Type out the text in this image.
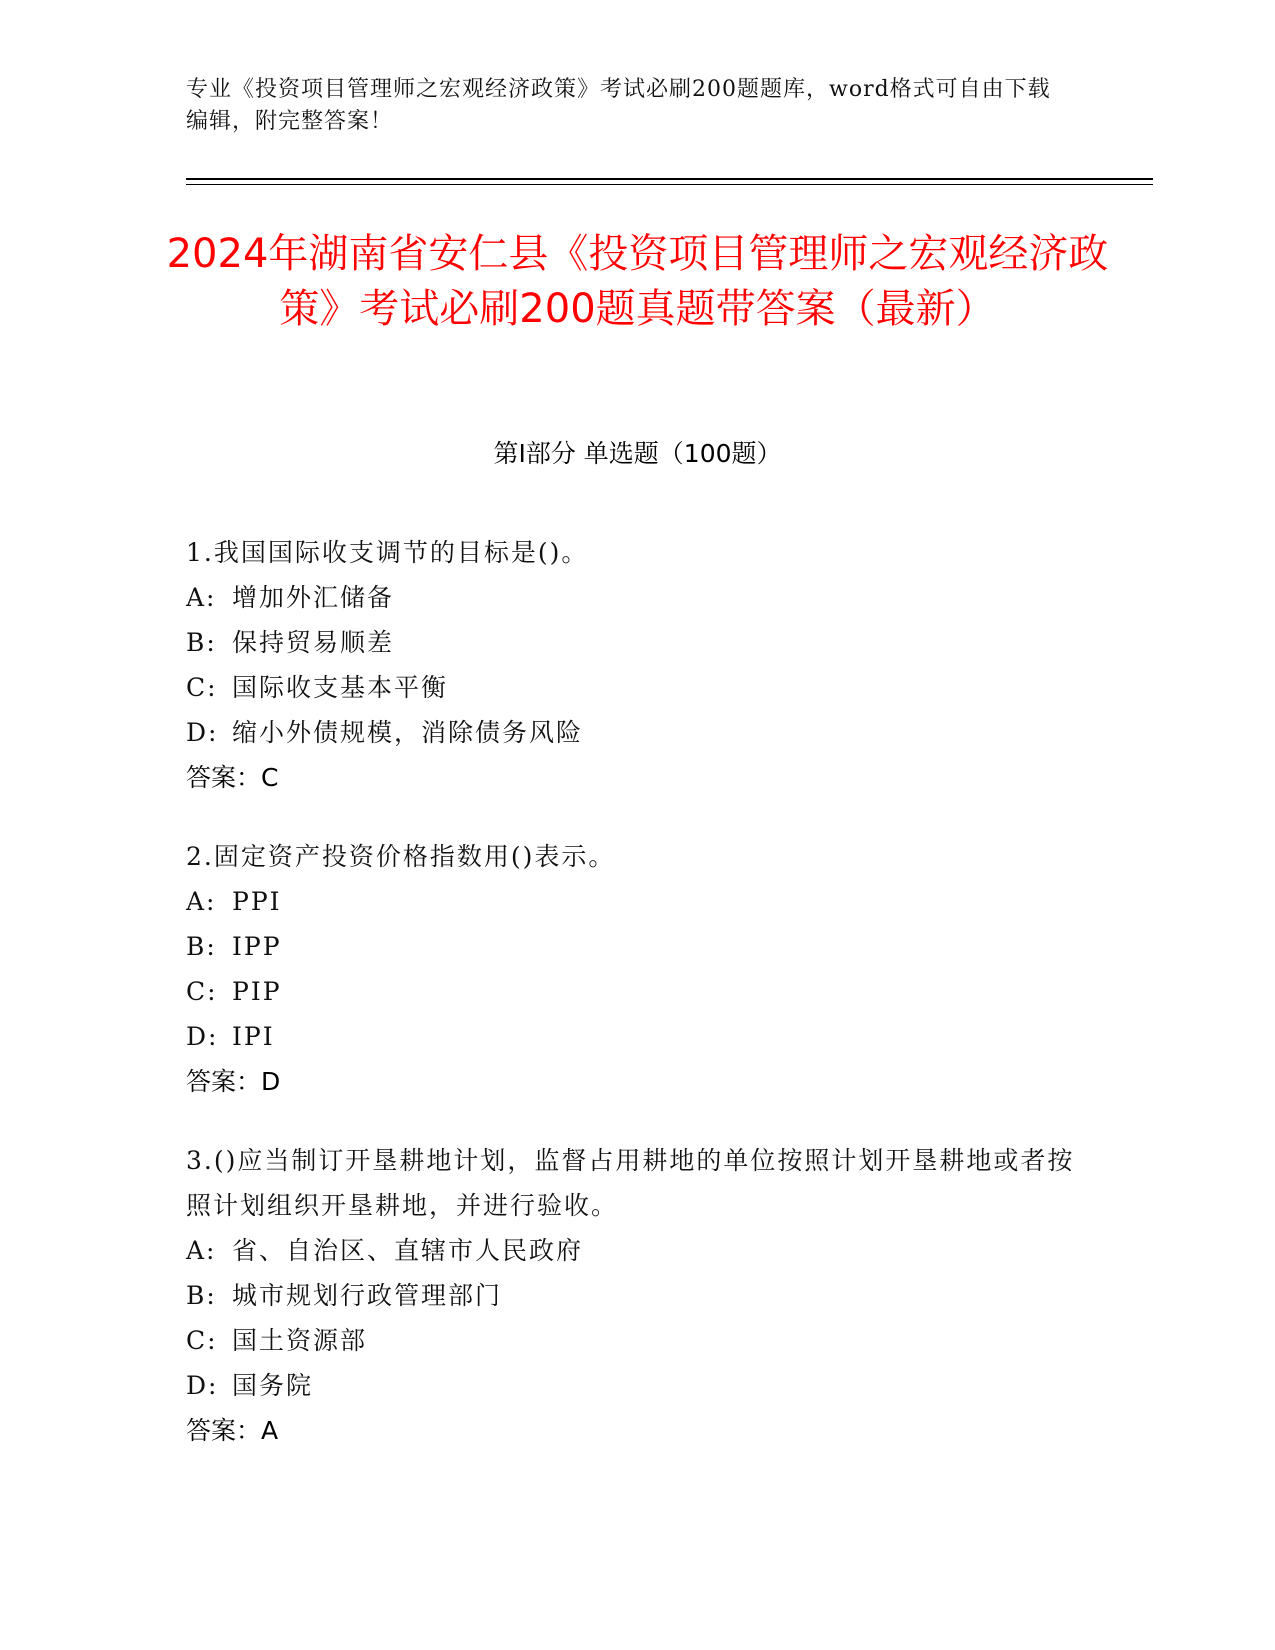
专业《投资项目管理师之宏观经济政策》考试必刷200题题库，word格式可自由下载编辑，附完整答案！
2024年湖南省安仁县《投资项目管理师之宏观经济政策》考试必刷200题真题带答案（最新）
第I部分 单选题（100题）
1.我国国际收支调节的目标是()。
A: 增加外汇储备
B: 保持贸易顺差
C: 国际收支基本平衡
D: 缩小外债规模，消除债务风险
答案：C
2.固定资产投资价格指数用()表示。
A: PPI
B: IPP
C: PIP
D: IPI
答案：D
3.()应当制订开垦耕地计划，监督占用耕地的单位按照计划开垦耕地或者按照计划组织开垦耕地，并进行验收。
A: 省、自治区、直辖市人民政府
B: 城市规划行政管理部门
C: 国土资源部
D: 国务院
答案：A
